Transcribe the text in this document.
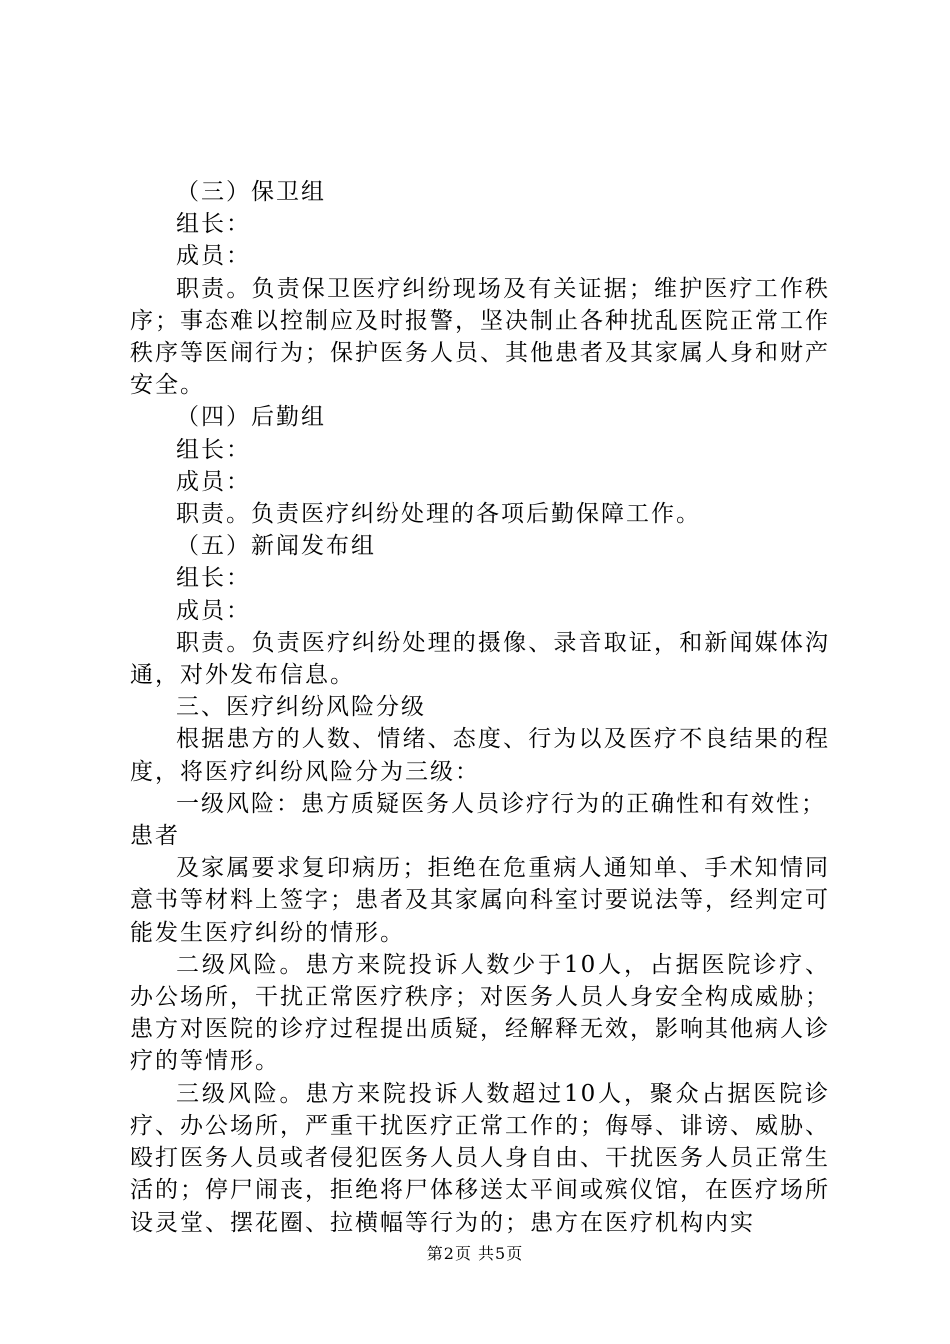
（三）保卫组

组长：

成员：

职责。负责保卫医疗纠纷现场及有关证据；维护医疗工作秩序；事态难以控制应及时报警，坚决制止各种扰乱医院正常工作秩序等医闹行为；保护医务人员、其他患者及其家属人身和财产安全。

（四）后勤组

组长：

成员：

职责。负责医疗纠纷处理的各项后勤保障工作。

（五）新闻发布组

组长：

成员：

职责。负责医疗纠纷处理的摄像、录音取证，和新闻媒体沟通，对外发布信息。

三、医疗纠纷风险分级

根据患方的人数、情绪、态度、行为以及医疗不良结果的程度，将医疗纠纷风险分为三级：

一级风险：患方质疑医务人员诊疗行为的正确性和有效性；

患者

及家属要求复印病历；拒绝在危重病人通知单、手术知情同意书等材料上签字；患者及其家属向科室讨要说法等，经判定可能发生医疗纠纷的情形。

二级风险。患方来院投诉人数少于10人，占据医院诊疗、办公场所，干扰正常医疗秩序；对医务人员人身安全构成威胁；患方对医院的诊疗过程提出质疑，经解释无效，影响其他病人诊疗的等情形。

三级风险。患方来院投诉人数超过10人，聚众占据医院诊疗、办公场所，严重干扰医疗正常工作的；侮辱、诽谤、威胁、殴打医务人员或者侵犯医务人员人身自由、干扰医务人员正常生活的；停尸闹丧，拒绝将尸体移送太平间或殡仪馆，在医疗场所设灵堂、摆花圈、拉横幅等行为的；患方在医疗机构内实

第2页 共5页
